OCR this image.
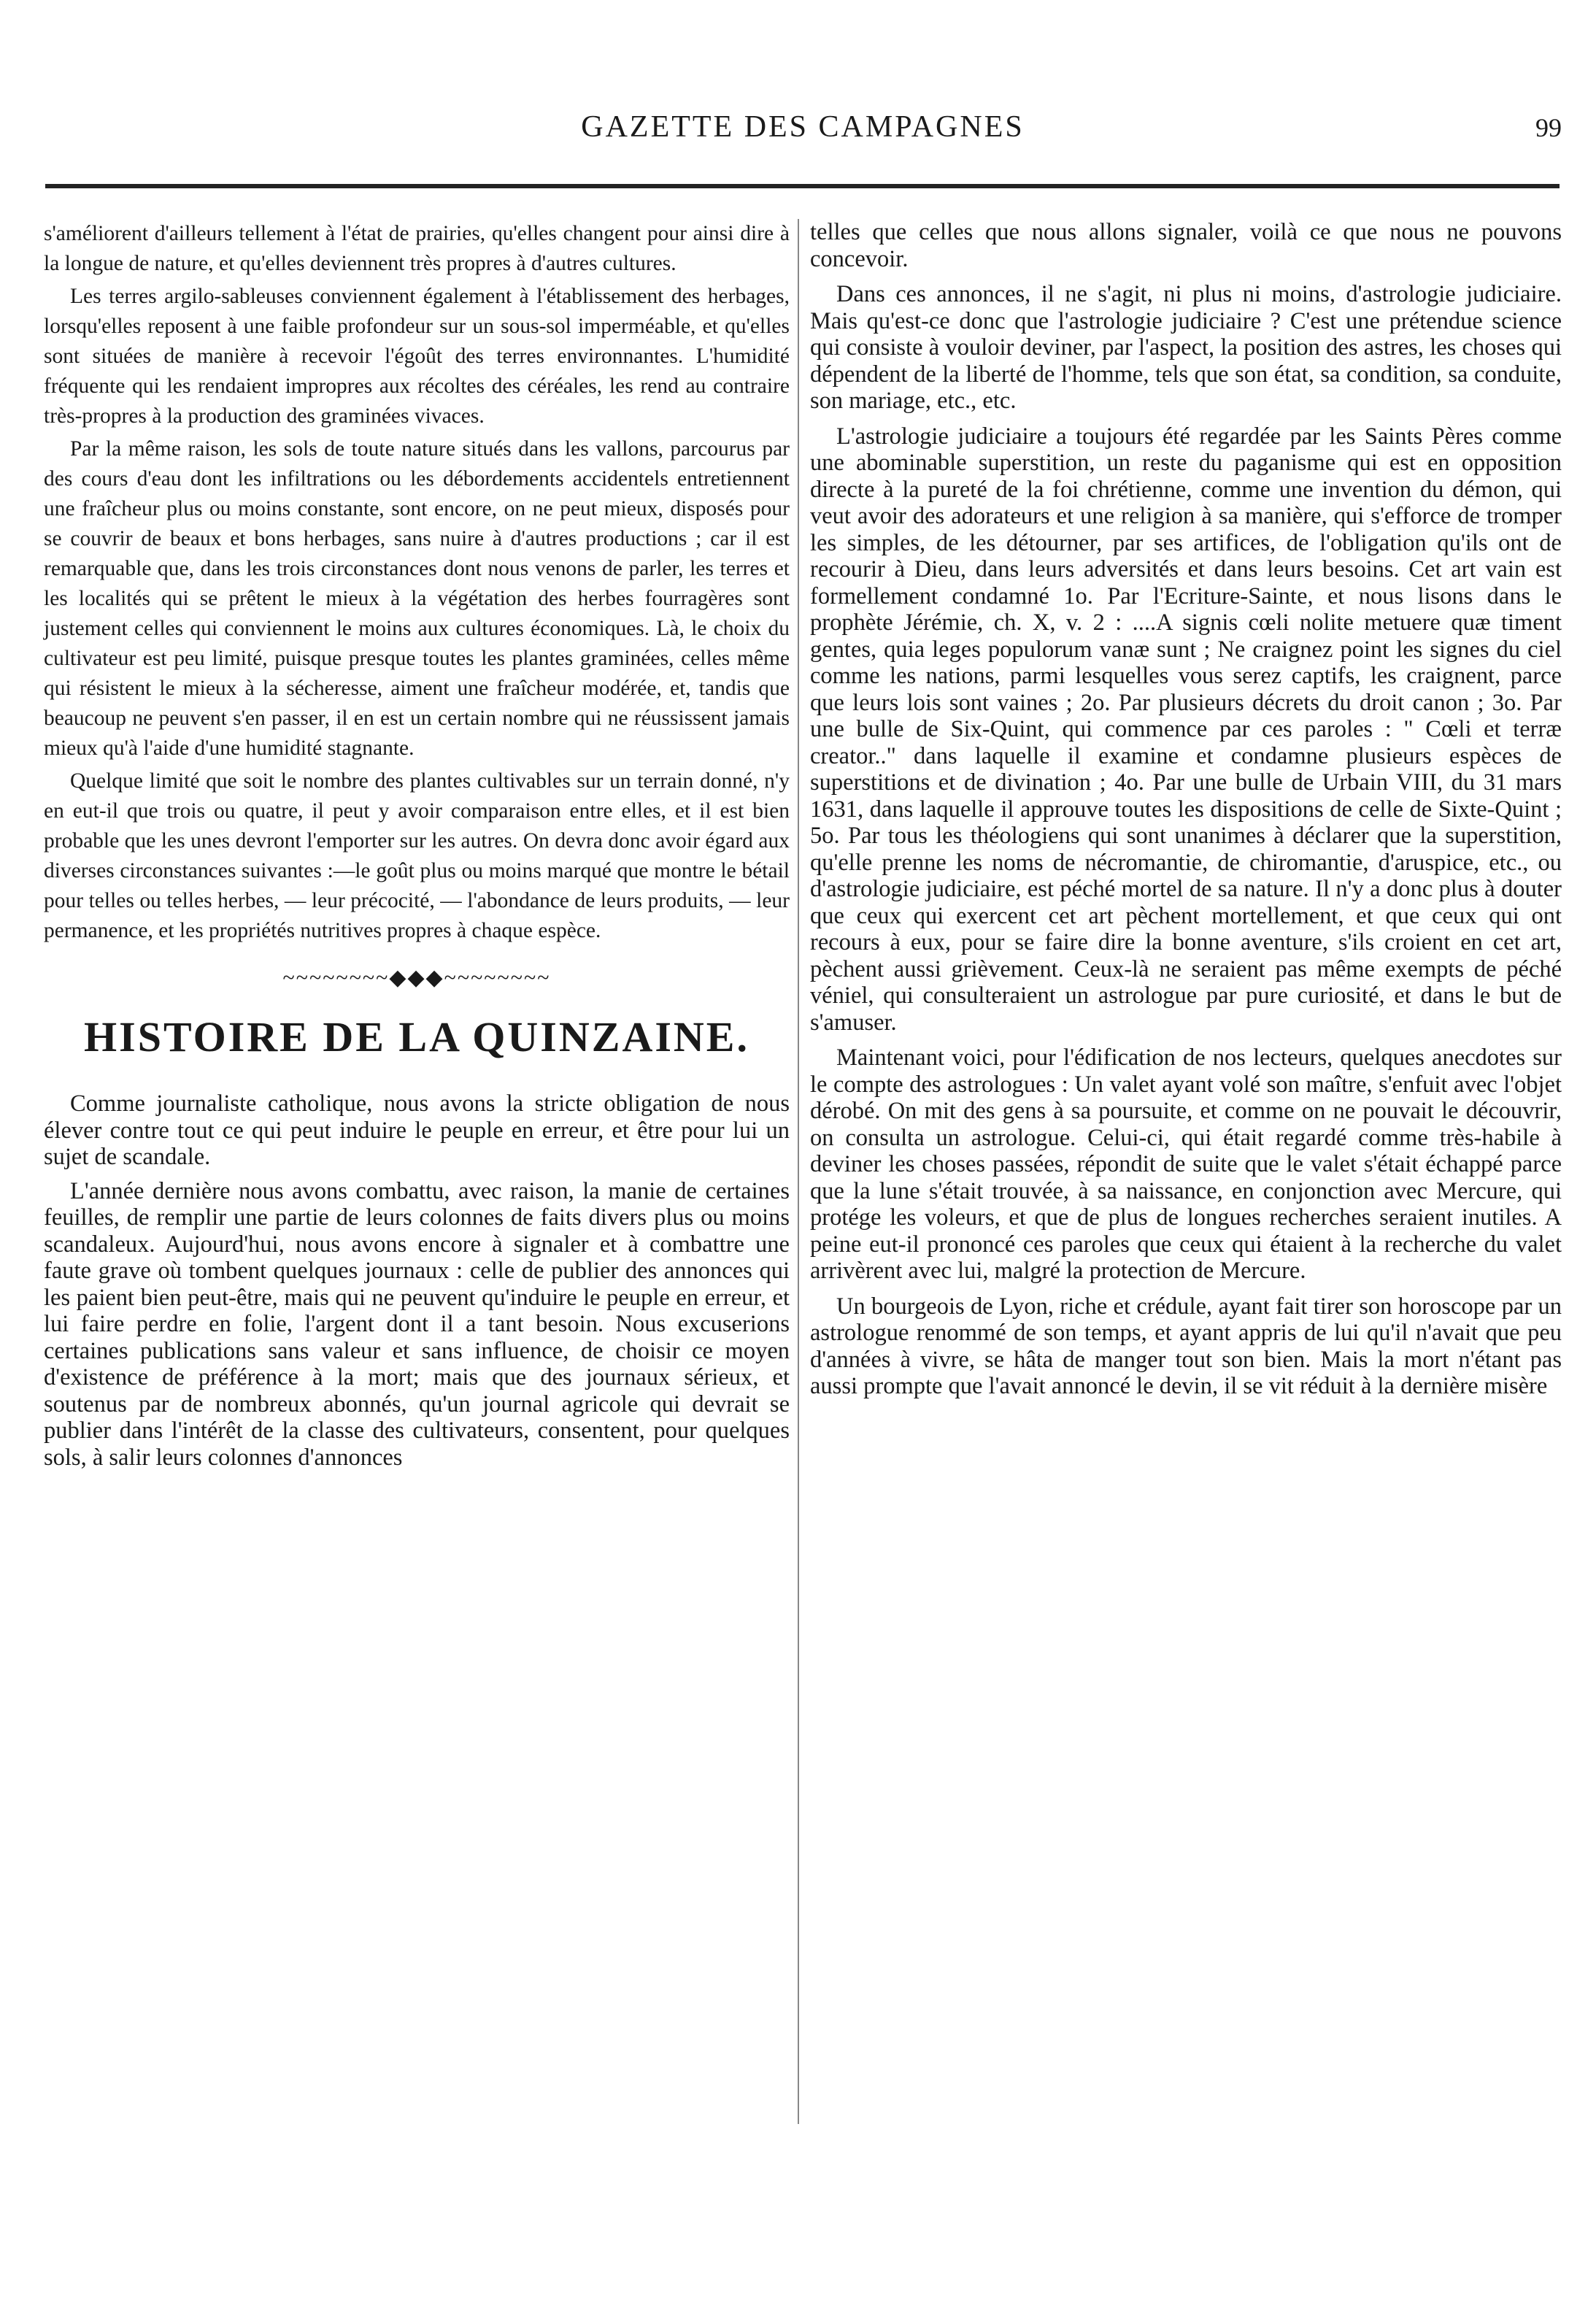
GAZETTE DES CAMPAGNES	99

s'améliorent d'ailleurs tellement à l'état de prairies, qu'elles changent pour ainsi dire à la longue de nature, et qu'elles deviennent très propres à d'autres cultures.

Les terres argilo-sableuses conviennent également à l'établissement des herbages, lorsqu'elles reposent à une faible profondeur sur un sous-sol imperméable, et qu'elles sont situées de manière à recevoir l'égoût des terres environnantes. L'humidité fréquente qui les rendaient impropres aux récoltes des céréales, les rend au contraire très-propres à la production des graminées vivaces.

Par la même raison, les sols de toute nature situés dans les vallons, parcourus par des cours d'eau dont les infiltrations ou les débordements accidentels entretiennent une fraîcheur plus ou moins constante, sont encore, on ne peut mieux, disposés pour se couvrir de beaux et bons herbages, sans nuire à d'autres productions ; car il est remarquable que, dans les trois circonstances dont nous venons de parler, les terres et les localités qui se prêtent le mieux à la végétation des herbes fourragères sont justement celles qui conviennent le moins aux cultures économiques. Là, le choix du cultivateur est peu limité, puisque presque toutes les plantes graminées, celles même qui résistent le mieux à la sécheresse, aiment une fraîcheur modérée, et, tandis que beaucoup ne peuvent s'en passer, il en est un certain nombre qui ne réussissent jamais mieux qu'à l'aide d'une humidité stagnante.

Quelque limité que soit le nombre des plantes cultivables sur un terrain donné, n'y en eut-il que trois ou quatre, il peut y avoir comparaison entre elles, et il est bien probable que les unes devront l'emporter sur les autres. On devra donc avoir égard aux diverses circonstances suivantes :—le goût plus ou moins marqué que montre le bétail pour telles ou telles herbes, — leur précocité, — l'abondance de leurs produits, — leur permanence, et les propriétés nutritives propres à chaque espèce.

~~~~~~~~◆◆◆~~~~~~~~
HISTOIRE DE LA QUINZAINE.

Comme journaliste catholique, nous avons la stricte obligation de nous élever contre tout ce qui peut induire le peuple en erreur, et être pour lui un sujet de scandale.

L'année dernière nous avons combattu, avec raison, la manie de certaines feuilles, de remplir une partie de leurs colonnes de faits divers plus ou moins scandaleux. Aujourd'hui, nous avons encore à signaler et à combattre une faute grave où tombent quelques journaux : celle de publier des annonces qui les paient bien peut-être, mais qui ne peuvent qu'induire le peuple en erreur, et lui faire perdre en folie, l'argent dont il a tant besoin. Nous excuserions certaines publications sans valeur et sans influence, de choisir ce moyen d'existence de préférence à la mort; mais que des journaux sérieux, et soutenus par de nombreux abonnés, qu'un journal agricole qui devrait se publier dans l'intérêt de la classe des cultivateurs, consentent, pour quelques sols, à salir leurs colonnes d'annonces

telles que celles que nous allons signaler, voilà ce que nous ne pouvons concevoir.

Dans ces annonces, il ne s'agit, ni plus ni moins, d'astrologie judiciaire. Mais qu'est-ce donc que l'astrologie judiciaire ? C'est une prétendue science qui consiste à vouloir deviner, par l'aspect, la position des astres, les choses qui dépendent de la liberté de l'homme, tels que son état, sa condition, sa conduite, son mariage, etc., etc.

L'astrologie judiciaire a toujours été regardée par les Saints Pères comme une abominable superstition, un reste du paganisme qui est en opposition directe à la pureté de la foi chrétienne, comme une invention du démon, qui veut avoir des adorateurs et une religion à sa manière, qui s'efforce de tromper les simples, de les détourner, par ses artifices, de l'obligation qu'ils ont de recourir à Dieu, dans leurs adversités et dans leurs besoins. Cet art vain est formellement condamné 1o. Par l'Ecriture-Sainte, et nous lisons dans le prophète Jérémie, ch. X, v. 2 : ....A signis cœli nolite metuere quæ timent gentes, quia leges populorum vanæ sunt ; Ne craignez point les signes du ciel comme les nations, parmi lesquelles vous serez captifs, les craignent, parce que leurs lois sont vaines ; 2o. Par plusieurs décrets du droit canon ; 3o. Par une bulle de Six-Quint, qui commence par ces paroles : " Cœli et terræ creator.." dans laquelle il examine et condamne plusieurs espèces de superstitions et de divination ; 4o. Par une bulle de Urbain VIII, du 31 mars 1631, dans laquelle il approuve toutes les dispositions de celle de Sixte-Quint ; 5o. Par tous les théologiens qui sont unanimes à déclarer que la superstition, qu'elle prenne les noms de nécromantie, de chiromantie, d'aruspice, etc., ou d'astrologie judiciaire, est péché mortel de sa nature. Il n'y a donc plus à douter que ceux qui exercent cet art pèchent mortellement, et que ceux qui ont recours à eux, pour se faire dire la bonne aventure, s'ils croient en cet art, pèchent aussi grièvement. Ceux-là ne seraient pas même exempts de péché véniel, qui consulteraient un astrologue par pure curiosité, et dans le but de s'amuser.

Maintenant voici, pour l'édification de nos lecteurs, quelques anecdotes sur le compte des astrologues : Un valet ayant volé son maître, s'enfuit avec l'objet dérobé. On mit des gens à sa poursuite, et comme on ne pouvait le découvrir, on consulta un astrologue. Celui-ci, qui était regardé comme très-habile à deviner les choses passées, répondit de suite que le valet s'était échappé parce que la lune s'était trouvée, à sa naissance, en conjonction avec Mercure, qui protége les voleurs, et que de plus de longues recherches seraient inutiles. A peine eut-il prononcé ces paroles que ceux qui étaient à la recherche du valet arrivèrent avec lui, malgré la protection de Mercure.

Un bourgeois de Lyon, riche et crédule, ayant fait tirer son horoscope par un astrologue renommé de son temps, et ayant appris de lui qu'il n'avait que peu d'années à vivre, se hâta de manger tout son bien. Mais la mort n'étant pas aussi prompte que l'avait annoncé le devin, il se vit réduit à la dernière misère
